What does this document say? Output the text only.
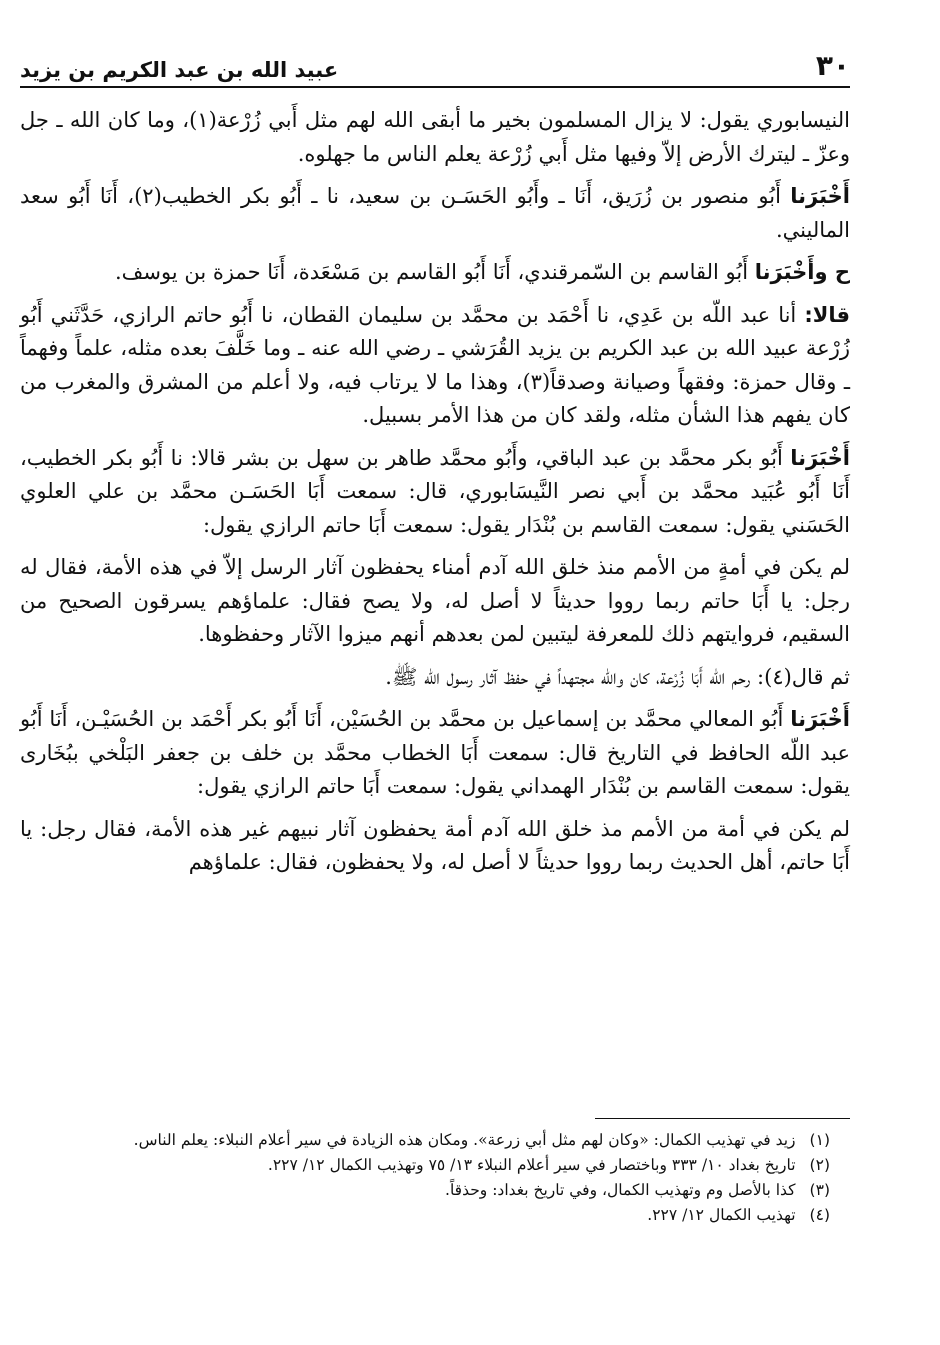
٣٠
عبيد الله بن عبد الكريم بن يزيد

النيسابوري يقول: لا يزال المسلمون بخير ما أبقى الله لهم مثل أَبي زُرْعة(١)، وما كان الله ـ جل وعزّ ـ ليترك الأرض إلاّ وفيها مثل أَبي زُرْعة يعلم الناس ما جهلوه.

أَخْبَرَنا أَبُو منصور بن زُرَيق، أَنَا ـ وأَبُو الحَسَـن بن سعيد، نا ـ أَبُو بكر الخطيب(٢)، أَنَا أَبُو سعد الماليني.

ح وأَخْبَرَنا أَبُو القاسم بن السّمرقندي، أَنَا أَبُو القاسم بن مَسْعَدة، أَنَا حمزة بن يوسف.

قالا: أنا عبد اللّه بن عَدِي، نا أَحْمَد بن محمَّد بن سليمان القطان، نا أَبُو حاتم الرازي، حَدَّثَني أَبُو زُرْعة عبيد الله بن عبد الكريم بن يزيد القُرَشي ـ رضي الله عنه ـ وما خَلَّفَ بعده مثله، علماً وفهماً ـ وقال حمزة: وفقهاً وصيانة وصدقاً(٣)، وهذا ما لا يرتاب فيه، ولا أعلم من المشرق والمغرب من كان يفهم هذا الشأن مثله، ولقد كان من هذا الأمر بسبيل.

أَخْبَرَنا أَبُو بكر محمَّد بن عبد الباقي، وأَبُو محمَّد طاهر بن سهل بن بشر قالا: نا أَبُو بكر الخطيب، أَنَا أَبُو عُبَيد محمَّد بن أَبي نصر النَّيسَابوري، قال: سمعت أَبَا الحَسَـن محمَّد بن علي العلوي الحَسَني يقول: سمعت القاسم بن بُنْدَار يقول: سمعت أَبَا حاتم الرازي يقول:

لم يكن في أمةٍ من الأمم منذ خلق الله آدم أمناء يحفظون آثار الرسل إلاّ في هذه الأمة، فقال له رجل: يا أَبَا حاتم ربما رووا حديثاً لا أصل له، ولا يصح فقال: علماؤهم يسرقون الصحيح من السقيم، فروايتهم ذلك للمعرفة ليتبين لمن بعدهم أنهم ميزوا الآثار وحفظوها.

ثم قال(٤): رحم الله أَبَا زُرْعة، كان والله مجتهداً في حفظ آثار رسول الله ﷺ.

أَخْبَرَنا أَبُو المعالي محمَّد بن إسماعيل بن محمَّد بن الحُسَيْن، أَنَا أَبُو بكر أَحْمَد بن الحُسَيْـن، أَنَا أَبُو عبد اللّه الحافظ في التاريخ قال: سمعت أَبَا الخطاب محمَّد بن خلف بن جعفر البَلْخي ببُخَارى يقول: سمعت القاسم بن بُنْدَار الهمداني يقول: سمعت أَبَا حاتم الرازي يقول:

لم يكن في أمة من الأمم مذ خلق الله آدم أمة يحفظون آثار نبيهم غير هذه الأمة، فقال رجل: يا أَبَا حاتم، أهل الحديث ربما رووا حديثاً لا أصل له، ولا يحفظون، فقال: علماؤهم

(١)
زيد في تهذيب الكمال: «وكان لهم مثل أبي زرعة». ومكان هذه الزيادة في سير أعلام النبلاء: يعلم الناس.
(٢)
تاريخ بغداد ١٠/ ٣٣٣ وباختصار في سير أعلام النبلاء ١٣/ ٧٥ وتهذيب الكمال ١٢/ ٢٢٧.
(٣)
كذا بالأصل وم وتهذيب الكمال، وفي تاريخ بغداد: وحذقاً.
(٤)
تهذيب الكمال ١٢/ ٢٢٧.
